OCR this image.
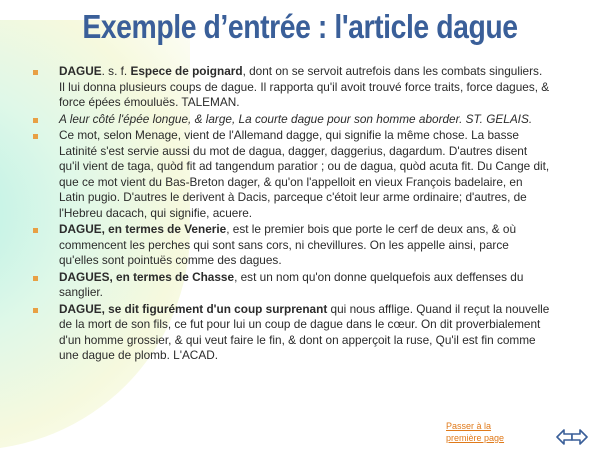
Exemple d’entrée : l'article dague
DAGUE. s. f. Espece de poignard, dont on se servoit autrefois dans les combats singuliers. Il lui donna plusieurs coups de dague. Il rapporta qu'il avoit trouvé force traits, force dagues, & force épées émouluës. TALEMAN.
A leur côté l'épée longue, & large, La courte dague pour son homme aborder. ST. GELAIS.
Ce mot, selon Menage, vient de l'Allemand dagge, qui signifie la même chose. La basse Latinité s'est servie aussi du mot de dagua, dagger, daggerius, dagardum. D'autres disent qu'il vient de taga, quòd fit ad tangendum paratior ; ou de dagua, quòd acuta fit. Du Cange dit, que ce mot vient du Bas-Breton dager, & qu'on l'appelloit en vieux François badelaire, en Latin pugio. D'autres le derivent à Dacis, parceque c'étoit leur arme ordinaire; d'autres, de l'Hebreu dacach, qui signifie, acuere.
DAGUE, en termes de Venerie, est le premier bois que porte le cerf de deux ans, & où commencent les perches qui sont sans cors, ni chevillures. On les appelle ainsi, parce qu'elles sont pointuës comme des dagues.
DAGUES, en termes de Chasse, est un nom qu'on donne quelquefois aux deffenses du sanglier.
DAGUE, se dit figurément d'un coup surprenant qui nous afflige. Quand il reçut la nouvelle de la mort de son fils, ce fut pour lui un coup de dague dans le cœur. On dit proverbialement d'un homme grossier, & qui veut faire le fin, & dont on apperçoit la ruse, Qu'il est fin comme une dague de plomb. L'ACAD.
Passer à la
première page
